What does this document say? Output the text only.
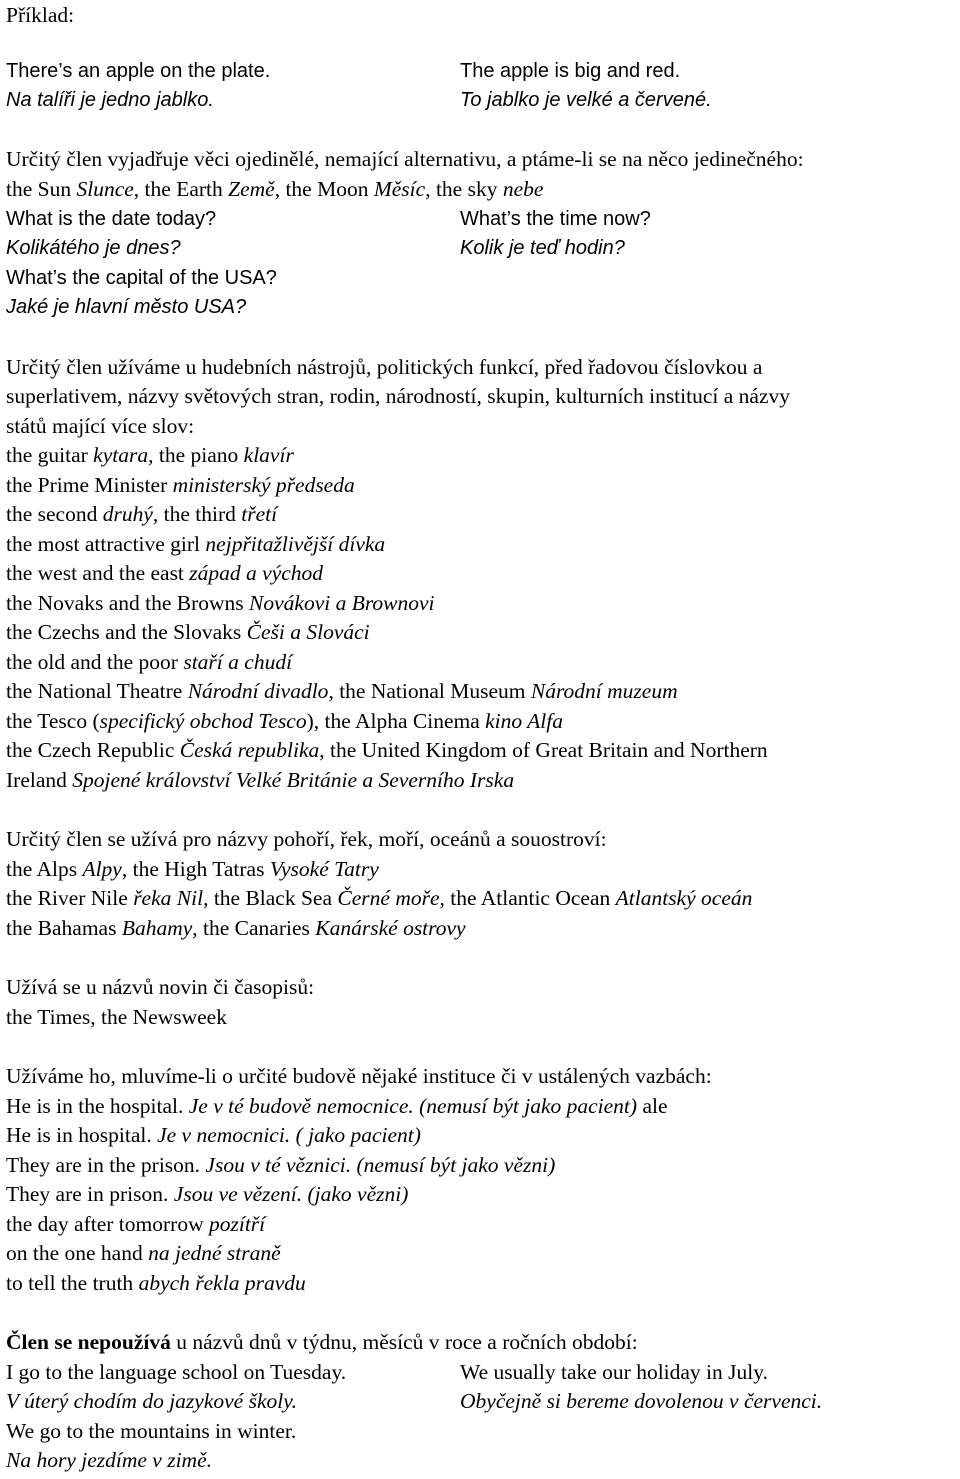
Příklad:
There’s an apple on the plate.	The apple is big and red.
Na talíři je jedno jablko.	To jablko je velké a červené.
Určitý člen vyjadřuje věci ojedinělé, nemající alternativu, a ptáme-li se na něco jedinečného:
the Sun Slunce, the Earth Země, the Moon Měsíc, the sky nebe
What is the date today?	What’s the time now?
Kolikátého je dnes?	Kolik je teď hodin?
What’s the capital of the USA?
Jaké je hlavní město USA?
Určitý člen užíváme u hudebních nástrojů, politických funkcí, před řadovou číslovkou a
superlativem, názvy světových stran, rodin, národností, skupin, kulturních institucí a názvy
států mající více slov:
the guitar kytara, the piano klavír
the Prime Minister ministerský předseda
the second druhý, the third třetí
the most attractive girl nejpřitažlivější dívka
the west and the east západ a východ
the Novaks and the Browns Novákovi a Brownovi
the Czechs and the Slovaks Češi a Slováci
the old and the poor staří a chudí
the National Theatre Národní divadlo, the National Museum Národní muzeum
the Tesco (specifický obchod Tesco), the Alpha Cinema kino Alfa
the Czech Republic Česká republika, the United Kingdom of Great Britain and Northern
Ireland Spojené království Velké Británie a Severního Irska
Určitý člen se užívá pro názvy pohoří, řek, moří, oceánů a souostroví:
the Alps Alpy, the High Tatras Vysoké Tatry
the River Nile řeka Nil, the Black Sea Černé moře, the Atlantic Ocean Atlantský oceán
the Bahamas Bahamy, the Canaries Kanárské ostrovy
Užívá se u názvů novin či časopisů:
the Times, the Newsweek
Užíváme ho, mluvíme-li o určité budově nějaké instituce či v ustálených vazbách:
He is in the hospital. Je v té budově nemocnice. (nemusí být jako pacient) ale
He is in hospital. Je v nemocnici. ( jako pacient)
They are in the prison. Jsou v té věznici. (nemusí být jako vězni)
They are in prison. Jsou ve vězení. (jako vězni)
the day after tomorrow pozítří
on the one hand na jedné straně
to tell the truth abych řekla pravdu
Člen se nepoužívá u názvů dnů v týdnu, měsíců v roce a ročních období:
I go to the language school on Tuesday.	We usually take our holiday in July.
V úterý chodím do jazykové školy.	Obyčejně si bereme dovolenou v červenci.
We go to the mountains in winter.
Na hory jezdíme v zimě.
